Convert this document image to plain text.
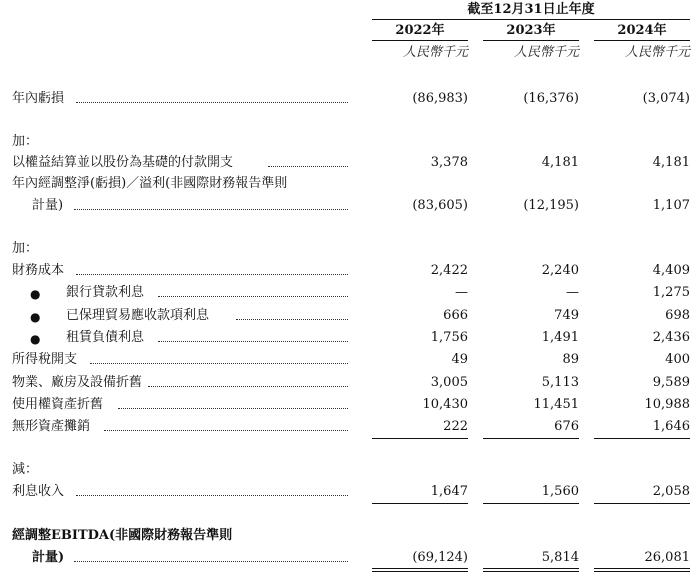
截至12月31日止年度
2022年	2023年	2024年
人民幣千元	人民幣千元	人民幣千元
年內虧損	(86,983)	(16,376)	(3,074)
加：
以權益結算並以股份為基礎的付款開支	3,378	4,181	4,181
年內經調整淨(虧損)／溢利(非國際財務報告準則
計量)	(83,605)	(12,195)	1,107
加：
財務成本	2,422	2,240	4,409
● 銀行貸款利息	—	—	1,275
● 已保理貿易應收款項利息	666	749	698
● 租賃負債利息	1,756	1,491	2,436
所得稅開支	49	89	400
物業、廠房及設備折舊	3,005	5,113	9,589
使用權資產折舊	10,430	11,451	10,988
無形資產攤銷	222	676	1,646
減：
利息收入	1,647	1,560	2,058
經調整EBITDA(非國際財務報告準則
計量)	(69,124)	5,814	26,081
